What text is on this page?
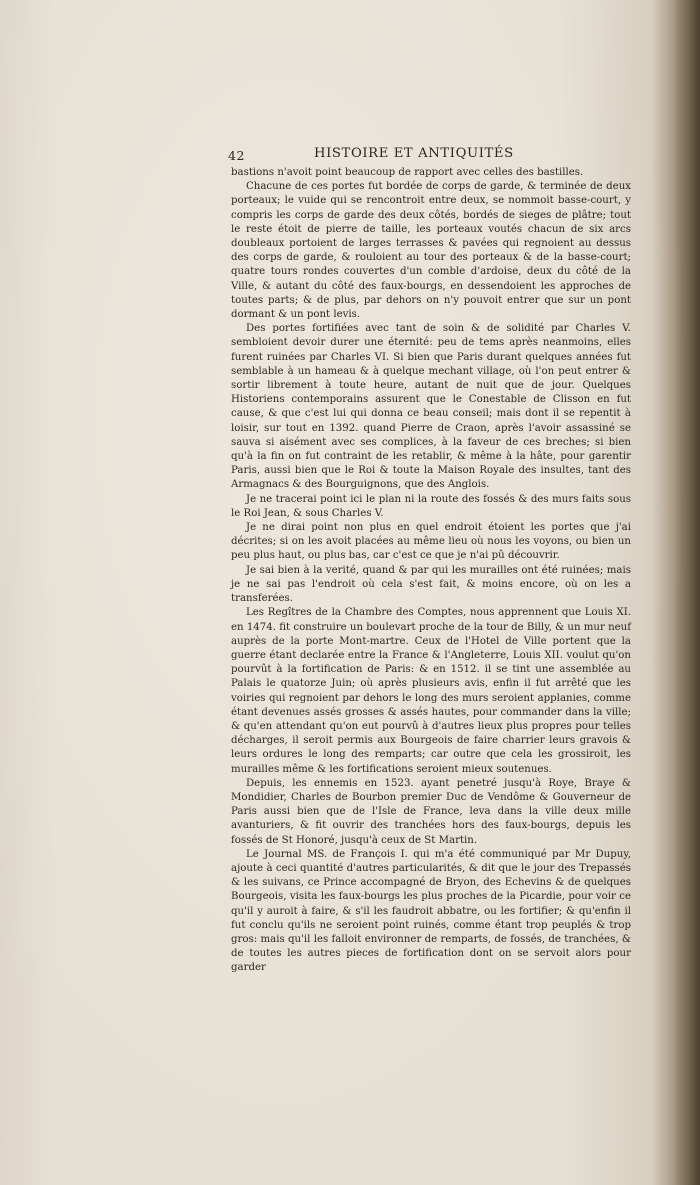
42	HISTOIRE ET ANTIQUITÉS

bastions n'avoit point beaucoup de rapport avec celles des bastilles.

Chacune de ces portes fut bordée de corps de garde, & terminée de deux porteaux; le vuide qui se rencontroit entre deux, se nommoit basse-court, y compris les corps de garde des deux côtés, bordés de sieges de plâtre; tout le reste étoit de pierre de taille, les porteaux voutés chacun de six arcs doubleaux portoient de larges terrasses & pavées qui regnoient au dessus des corps de garde, & rouloient au tour des porteaux & de la basse-court; quatre tours rondes couvertes d'un comble d'ardoise, deux du côté de la Ville, & autant du côté des faux-bourgs, en dessendoient les approches de toutes parts; & de plus, par dehors on n'y pouvoit entrer que sur un pont dormant & un pont levis.

Des portes fortifiées avec tant de soin & de solidité par Charles V. sembloient devoir durer une éternité: peu de tems après neanmoins, elles furent ruinées par Charles VI. Si bien que Paris durant quelques années fut semblable à un hameau & à quelque mechant village, où l'on peut entrer & sortir librement à toute heure, autant de nuit que de jour. Quelques Historiens contemporains assurent que le Conestable de Clisson en fut cause, & que c'est lui qui donna ce beau conseil; mais dont il se repentit à loisir, sur tout en 1392. quand Pierre de Craon, après l'avoir assassiné se sauva si aisément avec ses complices, à la faveur de ces breches; si bien qu'à la fin on fut contraint de les retablir, & même à la hâte, pour garentir Paris, aussi bien que le Roi & toute la Maison Royale des insultes, tant des Armagnacs & des Bourguignons, que des Anglois.

Je ne tracerai point ici le plan ni la route des fossés & des murs faits sous le Roi Jean, & sous Charles V.

Je ne dirai point non plus en quel endroit étoient les portes que j'ai décrites; si on les avoit placées au même lieu où nous les voyons, ou bien un peu plus haut, ou plus bas, car c'est ce que je n'ai pû découvrir.

Je sai bien à la verité, quand & par qui les murailles ont été ruinées; mais je ne sai pas l'endroit où cela s'est fait, & moins encore, où on les a transferées.

Les Regîtres de la Chambre des Comptes, nous apprennent que Louis XI. en 1474. fit construire un boulevart proche de la tour de Billy, & un mur neuf auprès de la porte Mont-martre. Ceux de l'Hotel de Ville portent que la guerre étant declarée entre la France & l'Angleterre, Louis XII. voulut qu'on pourvût à la fortification de Paris: & en 1512. il se tint une assemblée au Palais le quatorze Juin; où après plusieurs avis, enfin il fut arrêté que les voiries qui regnoient par dehors le long des murs seroient applanies, comme étant devenues assés grosses & assés hautes, pour commander dans la ville; & qu'en attendant qu'on eut pourvû à d'autres lieux plus propres pour telles décharges, il seroit permis aux Bourgeois de faire charrier leurs gravois & leurs ordures le long des remparts; car outre que cela les grossiroit, les murailles même & les fortifications seroient mieux soutenues.

Depuis, les ennemis en 1523. ayant penetré jusqu'à Roye, Braye & Mondidier, Charles de Bourbon premier Duc de Vendôme & Gouverneur de Paris aussi bien que de l'Isle de France, leva dans la ville deux mille avanturiers, & fit ouvrir des tranchées hors des faux-bourgs, depuis les fossés de St Honoré, jusqu'à ceux de St Martin.

Le Journal MS. de François I. qui m'a été communiqué par Mr Dupuy, ajoute à ceci quantité d'autres particularités, & dit que le jour des Trepassés & les suivans, ce Prince accompagné de Bryon, des Echevins & de quelques Bourgeois, visita les faux-bourgs les plus proches de la Picardie, pour voir ce qu'il y auroit à faire, & s'il les faudroit abbatre, ou les fortifier; & qu'enfin il fut conclu qu'ils ne seroient point ruinés, comme étant trop peuplés & trop gros: mais qu'il les falloit environner de remparts, de fossés, de tranchées, & de toutes les autres pieces de fortification dont on se servoit alors pour garder
